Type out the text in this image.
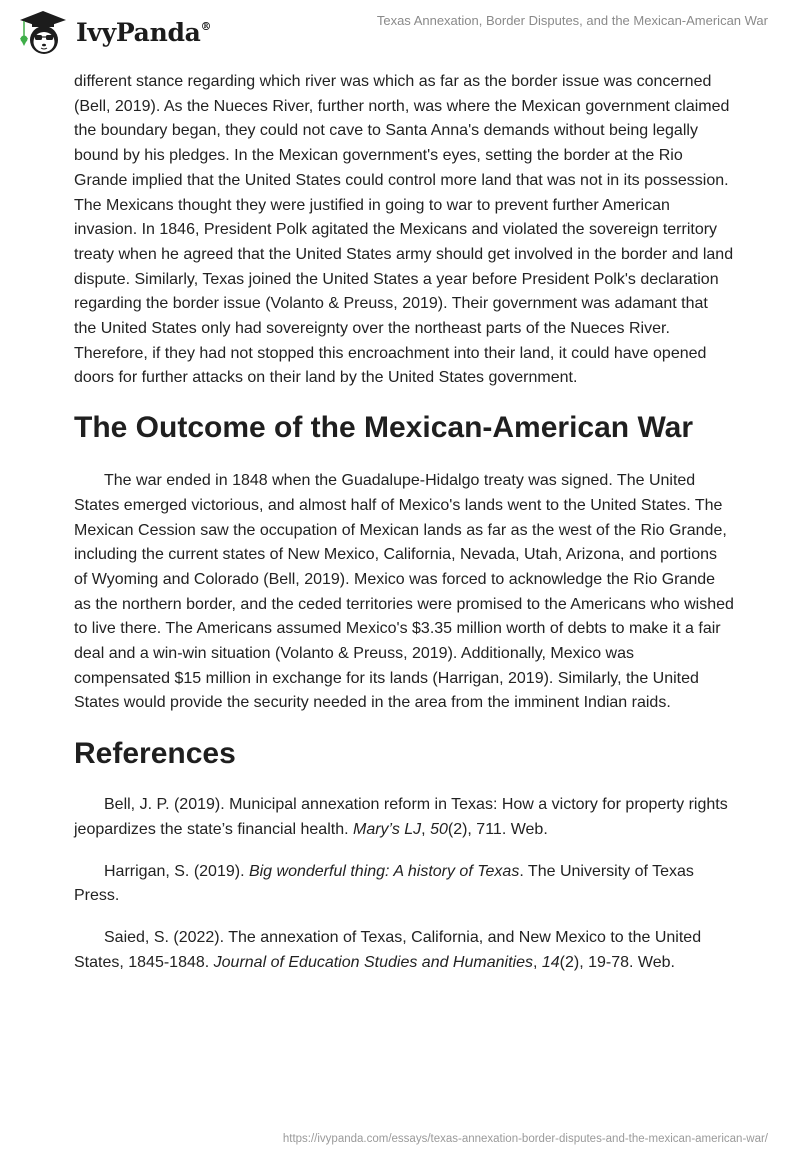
IvyPanda®	Texas Annexation, Border Disputes, and the Mexican-American War

different stance regarding which river was which as far as the border issue was concerned (Bell, 2019). As the Nueces River, further north, was where the Mexican government claimed the boundary began, they could not cave to Santa Anna's demands without being legally bound by his pledges. In the Mexican government's eyes, setting the border at the Rio Grande implied that the United States could control more land that was not in its possession. The Mexicans thought they were justified in going to war to prevent further American invasion. In 1846, President Polk agitated the Mexicans and violated the sovereign territory treaty when he agreed that the United States army should get involved in the border and land dispute. Similarly, Texas joined the United States a year before President Polk's declaration regarding the border issue (Volanto & Preuss, 2019). Their government was adamant that the United States only had sovereignty over the northeast parts of the Nueces River. Therefore, if they had not stopped this encroachment into their land, it could have opened doors for further attacks on their land by the United States government.

The Outcome of the Mexican-American War

The war ended in 1848 when the Guadalupe-Hidalgo treaty was signed. The United States emerged victorious, and almost half of Mexico's lands went to the United States. The Mexican Cession saw the occupation of Mexican lands as far as the west of the Rio Grande, including the current states of New Mexico, California, Nevada, Utah, Arizona, and portions of Wyoming and Colorado (Bell, 2019). Mexico was forced to acknowledge the Rio Grande as the northern border, and the ceded territories were promised to the Americans who wished to live there. The Americans assumed Mexico's $3.35 million worth of debts to make it a fair deal and a win-win situation (Volanto & Preuss, 2019). Additionally, Mexico was compensated $15 million in exchange for its lands (Harrigan, 2019). Similarly, the United States would provide the security needed in the area from the imminent Indian raids.

References

Bell, J. P. (2019). Municipal annexation reform in Texas: How a victory for property rights jeopardizes the state’s financial health. Mary’s LJ, 50(2), 711. Web.

Harrigan, S. (2019). Big wonderful thing: A history of Texas. The University of Texas Press.

Saied, S. (2022). The annexation of Texas, California, and New Mexico to the United States, 1845-1848. Journal of Education Studies and Humanities, 14(2), 19-78. Web.

https://ivypanda.com/essays/texas-annexation-border-disputes-and-the-mexican-american-war/
